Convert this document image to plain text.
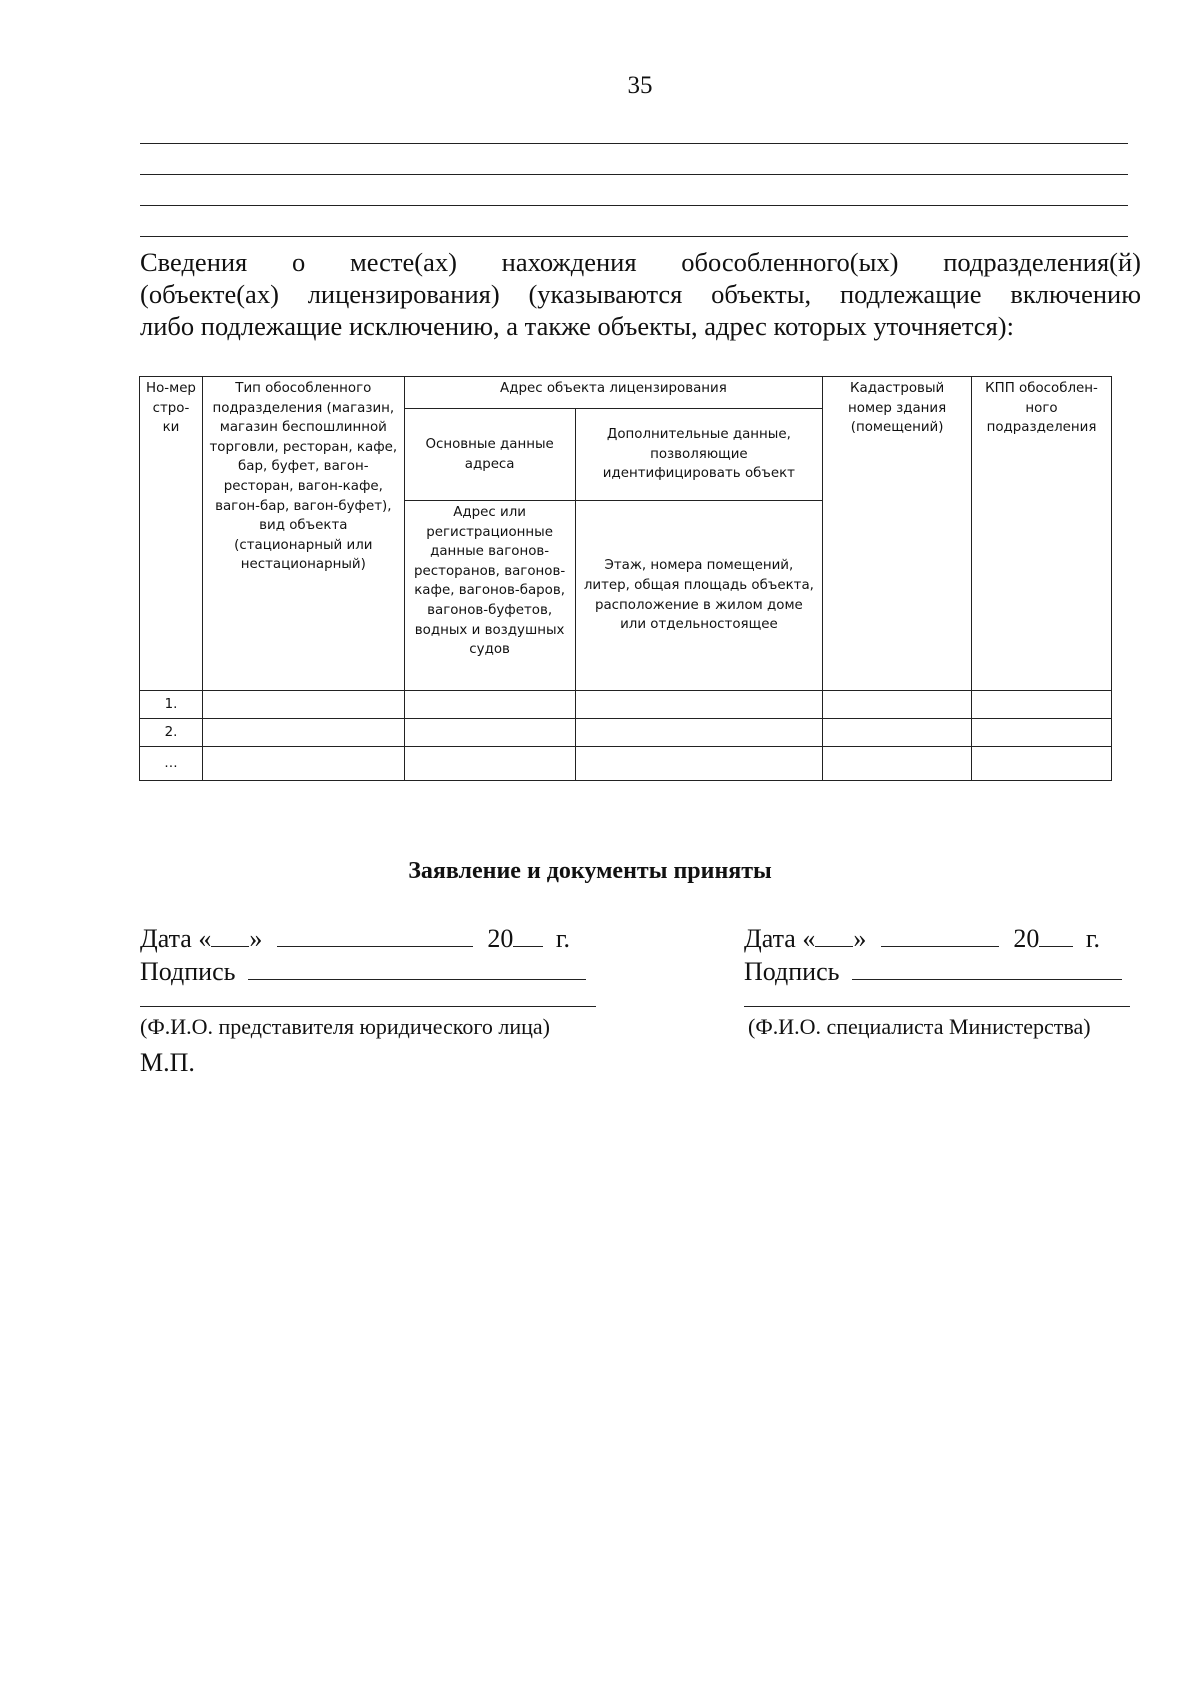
35
Сведения о месте(ах) нахождения обособленного(ых) подразделения(й)
(объекте(ах) лицензирования) (указываются объекты, подлежащие включению
либо подлежащие исключению, а также объекты, адрес которых уточняется):
Но-мер стро-ки	Тип обособленного подразделения (магазин, магазин беспошлинной торговли, ресторан, кафе, бар, буфет, вагон-ресторан, вагон-кафе, вагон-бар, вагон-буфет), вид объекта (стационарный или нестационарный)	Адрес объекта лицензирования		Кадастровый номер здания (помещений)	КПП обособлен-ного подразделения
		Основные данные адреса	Дополнительные данные, позволяющие идентифицировать объект		
		Адрес или регистрационные данные вагонов-ресторанов, вагонов-кафе, вагонов-баров, вагонов-буфетов, водных и воздушных судов	Этаж, номера помещений, литер, общая площадь объекта, расположение в жилом доме или отдельностоящее		
1.					
2.					
…					
Заявление и документы приняты
Дата « »	20 г.
Подпись
(Ф.И.О. представителя юридического лица)
М.П.
Дата « »	20 г.
Подпись
(Ф.И.О. специалиста Министерства)
